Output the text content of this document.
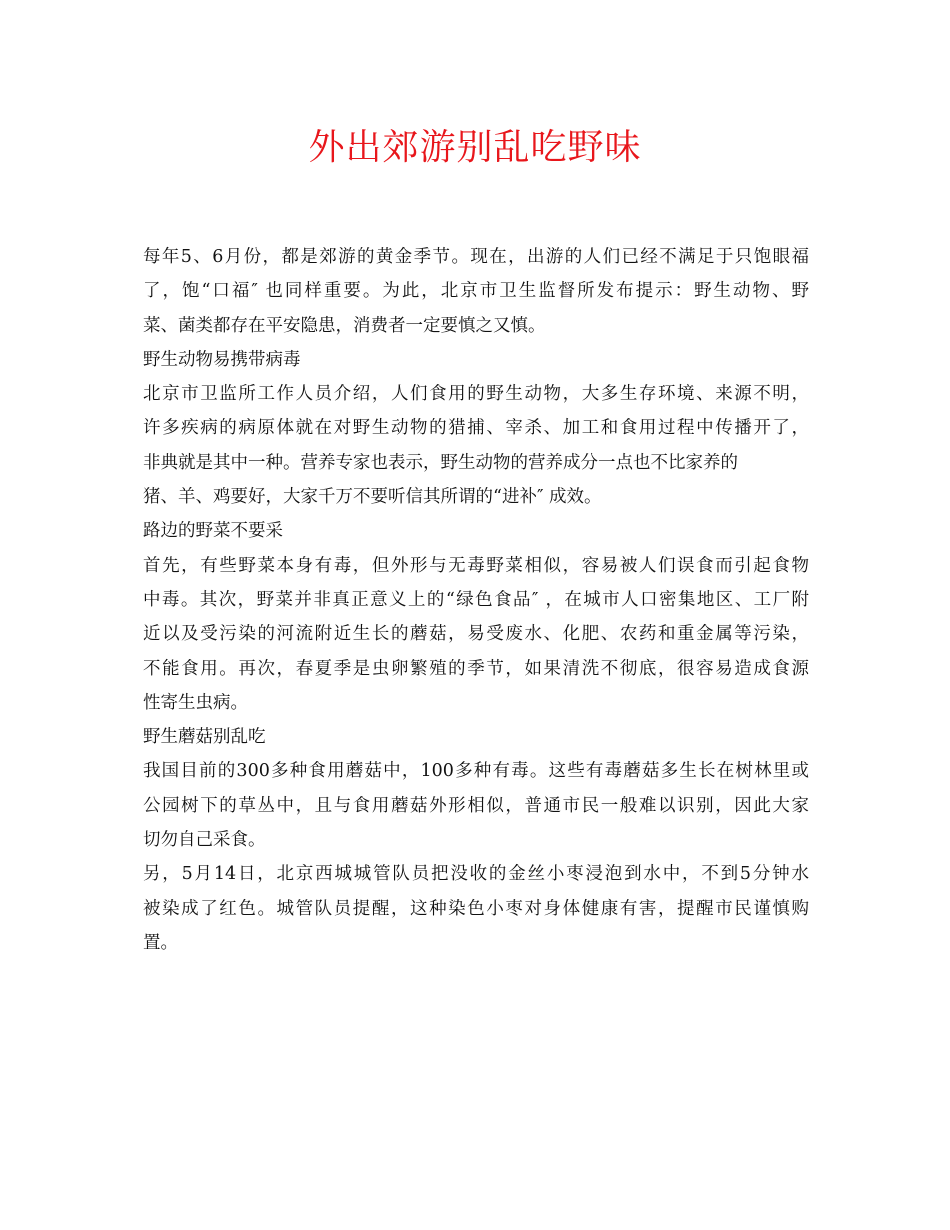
外出郊游别乱吃野味
每年5、6月份，都是郊游的黄金季节。现在，出游的人们已经不满足于只饱眼福
了，饱“口福″ 也同样重要。为此，北京市卫生监督所发布提示：野生动物、野
菜、菌类都存在平安隐患，消费者一定要慎之又慎。
野生动物易携带病毒
北京市卫监所工作人员介绍，人们食用的野生动物，大多生存环境、来源不明，
许多疾病的病原体就在对野生动物的猎捕、宰杀、加工和食用过程中传播开了，
非典就是其中一种。营养专家也表示，野生动物的营养成分一点也不比家养的
猪、羊、鸡要好，大家千万不要听信其所谓的“进补″ 成效。
路边的野菜不要采
首先，有些野菜本身有毒，但外形与无毒野菜相似，容易被人们误食而引起食物
中毒。其次，野菜并非真正意义上的“绿色食品″ ，在城市人口密集地区、工厂附
近以及受污染的河流附近生长的蘑菇，易受废水、化肥、农药和重金属等污染，
不能食用。再次，春夏季是虫卵繁殖的季节，如果清洗不彻底，很容易造成食源
性寄生虫病。
野生蘑菇别乱吃
我国目前的300多种食用蘑菇中，100多种有毒。这些有毒蘑菇多生长在树林里或
公园树下的草丛中，且与食用蘑菇外形相似，普通市民一般难以识别，因此大家
切勿自己采食。
另，5月14日，北京西城城管队员把没收的金丝小枣浸泡到水中，不到5分钟水
被染成了红色。城管队员提醒，这种染色小枣对身体健康有害，提醒市民谨慎购
置。
